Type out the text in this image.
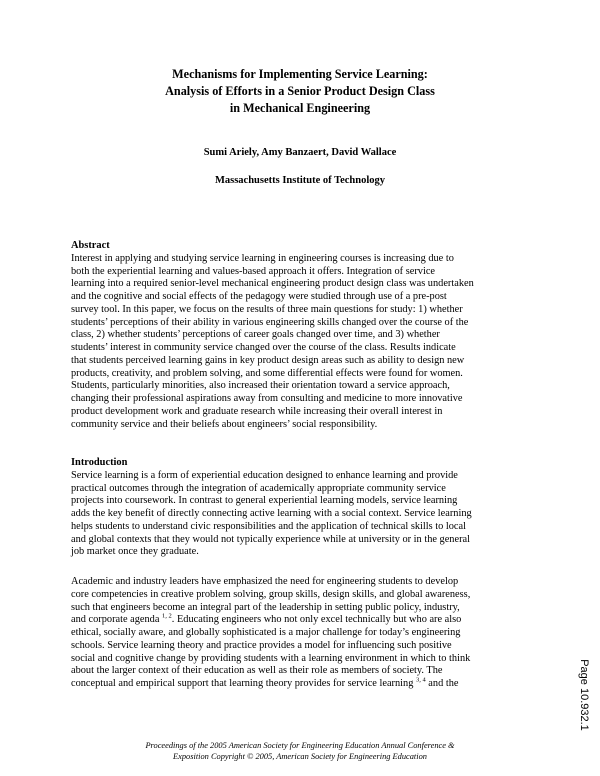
Mechanisms for Implementing Service Learning:
Analysis of Efforts in a Senior Product Design Class
in Mechanical Engineering
Sumi Ariely, Amy Banzaert, David Wallace
Massachusetts Institute of Technology
Abstract
Interest in applying and studying service learning in engineering courses is increasing due to
both the experiential learning and values-based approach it offers. Integration of service
learning into a required senior-level mechanical engineering product design class was undertaken
and the cognitive and social effects of the pedagogy were studied through use of a pre-post
survey tool. In this paper, we focus on the results of three main questions for study: 1) whether
students’ perceptions of their ability in various engineering skills changed over the course of the
class, 2) whether students’ perceptions of career goals changed over time, and 3) whether
students’ interest in community service changed over the course of the class. Results indicate
that students perceived learning gains in key product design areas such as ability to design new
products, creativity, and problem solving, and some differential effects were found for women.
Students, particularly minorities, also increased their orientation toward a service approach,
changing their professional aspirations away from consulting and medicine to more innovative
product development work and graduate research while increasing their overall interest in
community service and their beliefs about engineers’ social responsibility.
Introduction
Service learning is a form of experiential education designed to enhance learning and provide
practical outcomes through the integration of academically appropriate community service
projects into coursework. In contrast to general experiential learning models, service learning
adds the key benefit of directly connecting active learning with a social context. Service learning
helps students to understand civic responsibilities and the application of technical skills to local
and global contexts that they would not typically experience while at university or in the general
job market once they graduate.
Academic and industry leaders have emphasized the need for engineering students to develop
core competencies in creative problem solving, group skills, design skills, and global awareness,
such that engineers become an integral part of the leadership in setting public policy, industry,
and corporate agenda $^{1, 2}$. Educating engineers who not only excel technically but who are also
ethical, socially aware, and globally sophisticated is a major challenge for today’s engineering
schools. Service learning theory and practice provides a model for influencing such positive
social and cognitive change by providing students with a learning environment in which to think
about the larger context of their education as well as their role as members of society. The
conceptual and empirical support that learning theory provides for service learning $^{3, 4}$ and the
Proceedings of the 2005 American Society for Engineering Education Annual Conference &
Exposition Copyright © 2005, American Society for Engineering Education
Page 10.932.1
